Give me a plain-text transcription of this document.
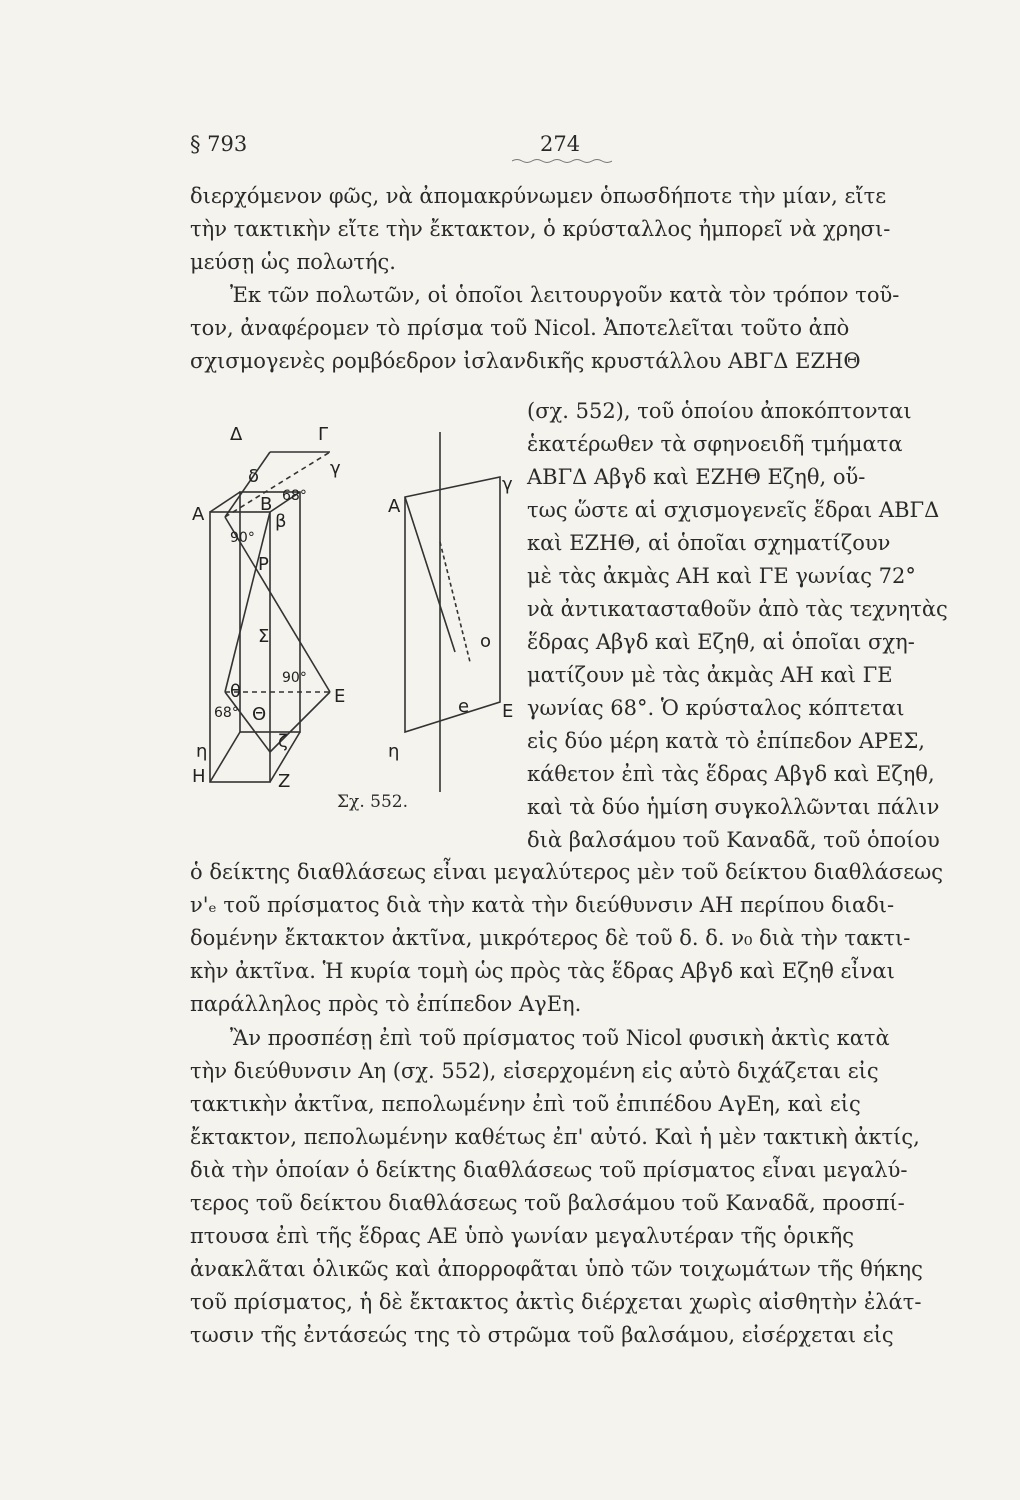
§ 793	274
διερχόμενον φῶς, νὰ ἀπομακρύνωμεν ὁπωσδήποτε τὴν μίαν, εἴτε
τὴν τακτικὴν εἴτε τὴν ἔκτακτον, ὁ κρύσταλλος ἠμπορεῖ νὰ χρησι-
μεύσῃ ὡς πολωτής.
Ἐκ τῶν πολωτῶν, οἱ ὁποῖοι λειτουργοῦν κατὰ τὸν τρόπον τοῦ-
τον, ἀναφέρομεν τὸ πρίσμα τοῦ Nicol. Ἀποτελεῖται τοῦτο ἀπὸ
σχισμογενὲς ρομβόεδρον ἰσλανδικῆς κρυστάλλου ΑΒΓΔ ΕΖΗΘ
(σχ. 552), τοῦ ὁποίου ἀποκόπτονται
ἑκατέρωθεν τὰ σφηνοειδῆ τμήματα
ΑΒΓΔ Αβγδ καὶ ΕΖΗΘ Εζηθ, οὕ-
τως ὥστε αἱ σχισμογενεῖς ἕδραι ΑΒΓΔ
καὶ ΕΖΗΘ, αἱ ὁποῖαι σχηματίζουν
μὲ τὰς ἀκμὰς ΑΗ καὶ ΓΕ γωνίας 72°
νὰ ἀντικατασταθοῦν ἀπὸ τὰς τεχνητὰς
ἕδρας Αβγδ καὶ Εζηθ, αἱ ὁποῖαι σχη-
ματίζουν μὲ τὰς ἀκμὰς ΑΗ καὶ ΓΕ
γωνίας 68°. Ὁ κρύσταλος κόπτεται
εἰς δύο μέρη κατὰ τὸ ἐπίπεδον ΑΡΕΣ,
κάθετον ἐπὶ τὰς ἕδρας Αβγδ καὶ Εζηθ,
καὶ τὰ δύο ἡμίση συγκολλῶνται πάλιν
διὰ βαλσάμου τοῦ Καναδᾶ, τοῦ ὁποίου
Δ	Γ
γ
δ
Α	Β
β
68°
90°
Ρ
Σ
θ
90°
Ε
68° Θ
ζ
η
Η	Ζ
γ
Α
ο
e Ε
η
Σχ. 552.
ὁ δείκτης διαθλάσεως εἶναι μεγαλύτερος μὲν τοῦ δείκτου διαθλάσεως
ν'ₑ τοῦ πρίσματος διὰ τὴν κατὰ τὴν διεύθυνσιν ΑΗ περίπου διαδι-
δομένην ἔκτακτον ἀκτῖνα, μικρότερος δὲ τοῦ δ. δ. ν₀ διὰ τὴν τακτι-
κὴν ἀκτῖνα. Ἡ κυρία τομὴ ὡς πρὸς τὰς ἕδρας Αβγδ καὶ Εζηθ εἶναι
παράλληλος πρὸς τὸ ἐπίπεδον ΑγΕη.
Ἂν προσπέσῃ ἐπὶ τοῦ πρίσματος τοῦ Nicol φυσικὴ ἀκτὶς κατὰ
τὴν διεύθυνσιν Αη (σχ. 552), εἰσερχομένη εἰς αὐτὸ διχάζεται εἰς
τακτικὴν ἀκτῖνα, πεπολωμένην ἐπὶ τοῦ ἐπιπέδου ΑγΕη, καὶ εἰς
ἔκτακτον, πεπολωμένην καθέτως ἐπ' αὐτό. Καὶ ἡ μὲν τακτικὴ ἀκτίς,
διὰ τὴν ὁποίαν ὁ δείκτης διαθλάσεως τοῦ πρίσματος εἶναι μεγαλύ-
τερος τοῦ δείκτου διαθλάσεως τοῦ βαλσάμου τοῦ Καναδᾶ, προσπί-
πτουσα ἐπὶ τῆς ἕδρας ΑΕ ὑπὸ γωνίαν μεγαλυτέραν τῆς ὁρικῆς
ἀνακλᾶται ὁλικῶς καὶ ἀπορροφᾶται ὑπὸ τῶν τοιχωμάτων τῆς θήκης
τοῦ πρίσματος, ἡ δὲ ἔκτακτος ἀκτὶς διέρχεται χωρὶς αἰσθητὴν ἐλάτ-
τωσιν τῆς ἐντάσεώς της τὸ στρῶμα τοῦ βαλσάμου, εἰσέρχεται εἰς
